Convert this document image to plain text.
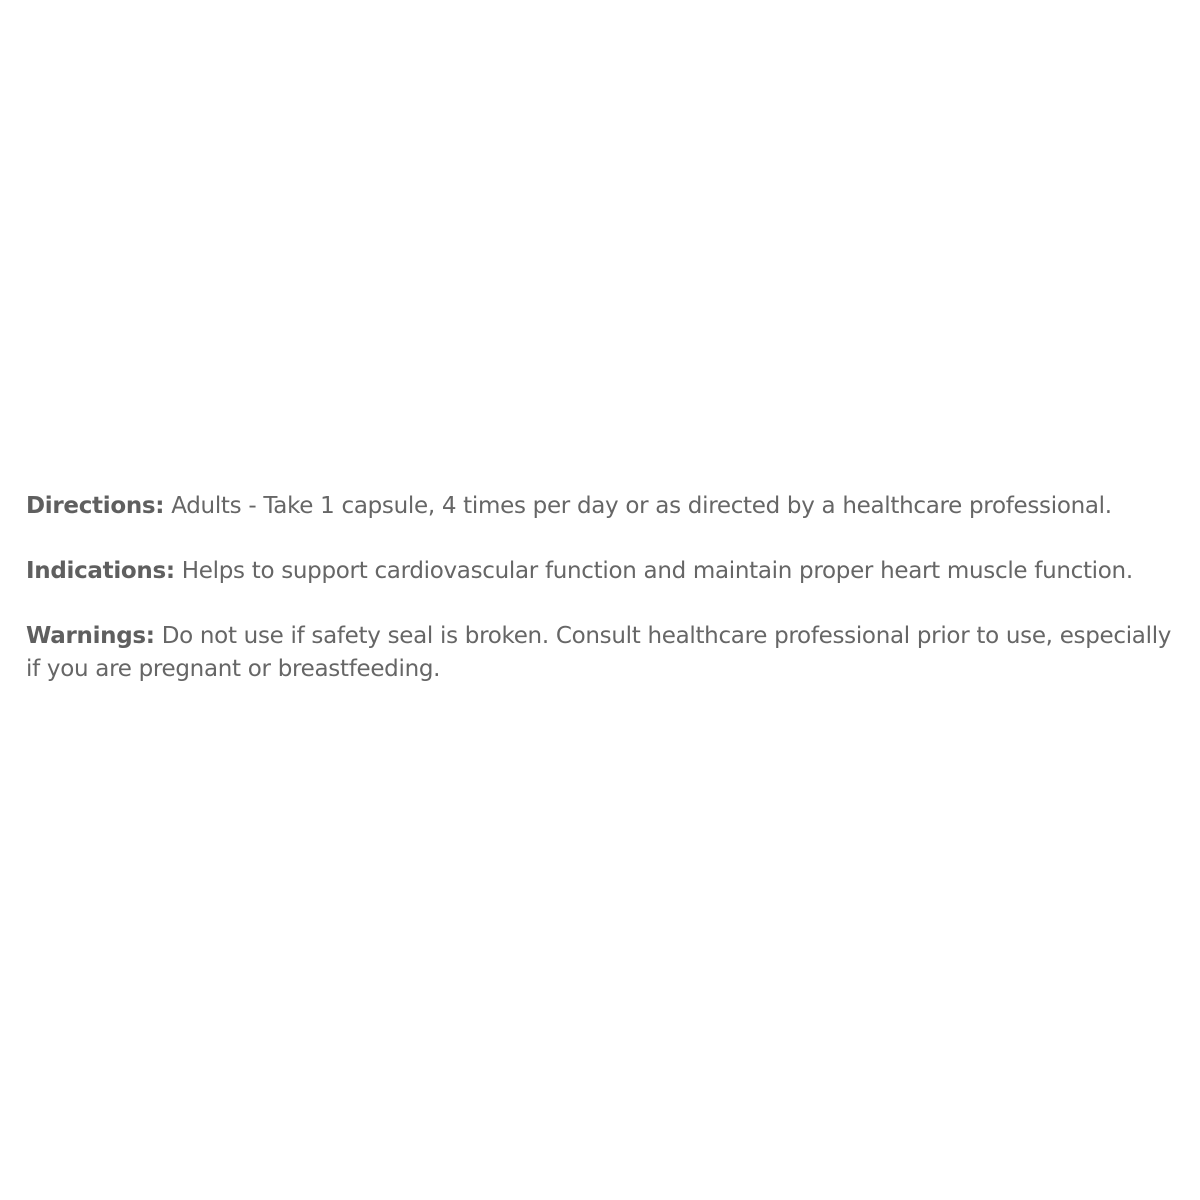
Directions: Adults - Take 1 capsule, 4 times per day or as directed by a healthcare professional.

Indications: Helps to support cardiovascular function and maintain proper heart muscle function.

Warnings: Do not use if safety seal is broken. Consult healthcare professional prior to use, especially if you are pregnant or breastfeeding.
